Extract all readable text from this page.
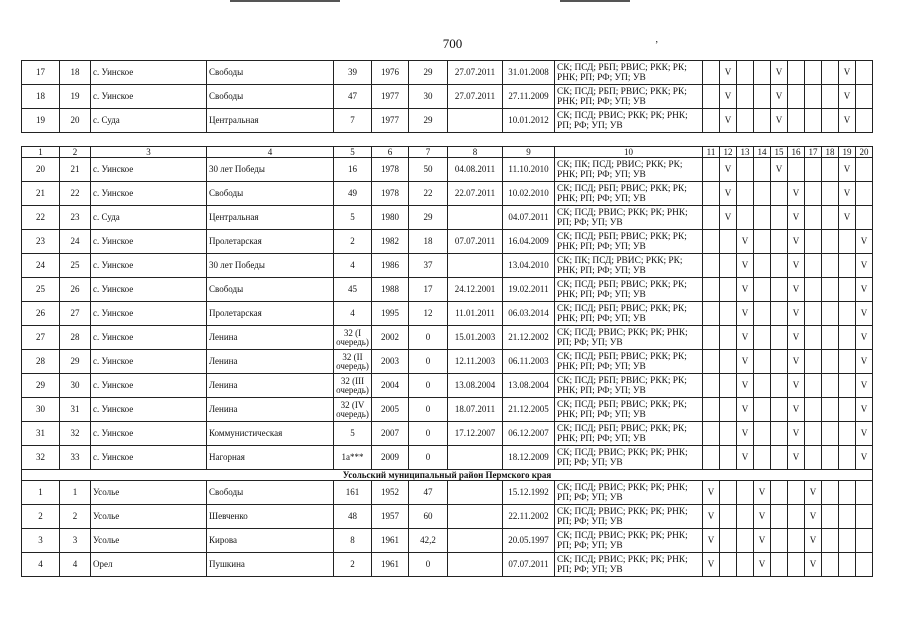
700	’
17	18	с. Уинское	Свободы	39	1976	29	27.07.2011	31.01.2008	СК; ПСД; РБП; РВИС; РКК; РК; РНК; РП; РФ; УП; УВ		V			V				V	
18	19	с. Уинское	Свободы	47	1977	30	27.07.2011	27.11.2009	СК; ПСД; РБП; РВИС; РКК; РК; РНК; РП; РФ; УП; УВ		V			V				V	
19	20	с. Суда	Центральная	7	1977	29		10.01.2012	СК; ПСД; РВИС; РКК; РК; РНК; РП; РФ; УП; УВ		V			V				V	
1	2	3	4	5	6	7	8	9	10	11	12	13	14	15	16	17	18	19	20
20	21	с. Уинское	30 лет Победы	16	1978	50	04.08.2011	11.10.2010	СК; ПК; ПСД; РВИС; РКК; РК; РНК; РП; РФ; УП; УВ		V			V				V	
21	22	с. Уинское	Свободы	49	1978	22	22.07.2011	10.02.2010	СК; ПСД; РБП; РВИС; РКК; РК; РНК; РП; РФ; УП; УВ		V				V			V	
22	23	с. Суда	Центральная	5	1980	29		04.07.2011	СК; ПСД; РВИС; РКК; РК; РНК; РП; РФ; УП; УВ		V				V			V	
23	24	с. Уинское	Пролетарская	2	1982	18	07.07.2011	16.04.2009	СК; ПСД; РБП; РВИС; РКК; РК; РНК; РП; РФ; УП; УВ			V			V				V
24	25	с. Уинское	30 лет Победы	4	1986	37		13.04.2010	СК; ПК; ПСД; РВИС; РКК; РК; РНК; РП; РФ; УП; УВ			V			V				V
25	26	с. Уинское	Свободы	45	1988	17	24.12.2001	19.02.2011	СК; ПСД; РБП; РВИС; РКК; РК; РНК; РП; РФ; УП; УВ			V			V				V
26	27	с. Уинское	Пролетарская	4	1995	12	11.01.2011	06.03.2014	СК; ПСД; РБП; РВИС; РКК; РК; РНК; РП; РФ; УП; УВ			V			V				V
27	28	с. Уинское	Ленина	32 (I очередь)	2002	0	15.01.2003	21.12.2002	СК; ПСД; РВИС; РКК; РК; РНК; РП; РФ; УП; УВ			V			V				V
28	29	с. Уинское	Ленина	32 (II очередь)	2003	0	12.11.2003	06.11.2003	СК; ПСД; РБП; РВИС; РКК; РК; РНК; РП; РФ; УП; УВ			V			V				V
29	30	с. Уинское	Ленина	32 (III очередь)	2004	0	13.08.2004	13.08.2004	СК; ПСД; РБП; РВИС; РКК; РК; РНК; РП; РФ; УП; УВ			V			V				V
30	31	с. Уинское	Ленина	32 (IV очередь)	2005	0	18.07.2011	21.12.2005	СК; ПСД; РБП; РВИС; РКК; РК; РНК; РП; РФ; УП; УВ			V			V				V
31	32	с. Уинское	Коммунистическая	5	2007	0	17.12.2007	06.12.2007	СК; ПСД; РБП; РВИС; РКК; РК; РНК; РП; РФ; УП; УВ			V			V				V
32	33	с. Уинское	Нагорная	1а***	2009	0		18.12.2009	СК; ПСД; РВИС; РКК; РК; РНК; РП; РФ; УП; УВ			V			V				V
Усольский муниципальный район Пермского края																			
1	1	Усолье	Свободы	161	1952	47		15.12.1992	СК; ПСД; РВИС; РКК; РК; РНК; РП; РФ; УП; УВ	V			V			V			
2	2	Усолье	Шевченко	48	1957	60		22.11.2002	СК; ПСД; РВИС; РКК; РК; РНК; РП; РФ; УП; УВ	V			V			V			
3	3	Усолье	Кирова	8	1961	42,2		20.05.1997	СК; ПСД; РВИС; РКК; РК; РНК; РП; РФ; УП; УВ	V			V			V			
4	4	Орел	Пушкина	2	1961	0		07.07.2011	СК; ПСД; РВИС; РКК; РК; РНК; РП; РФ; УП; УВ	V			V			V			
